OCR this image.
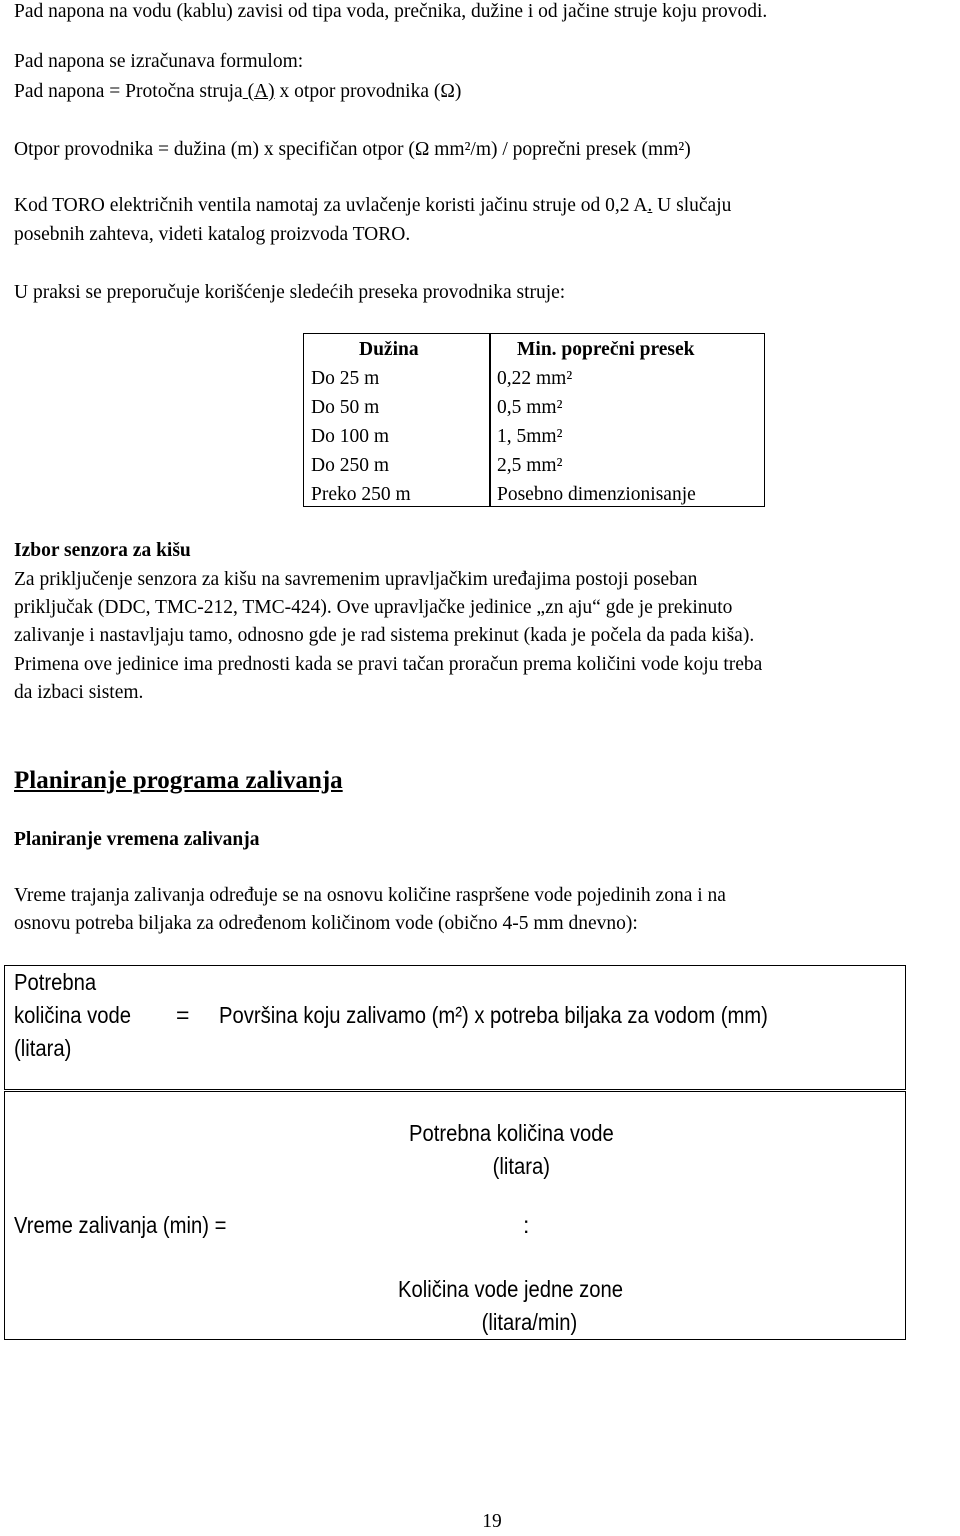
Pad napona na vodu (kablu) zavisi od tipa voda, prečnika, dužine i od jačine struje koju provodi.
Pad napona se izračunava formulom:
Pad napona = Protočna struja (A) x otpor provodnika (Ω)
Otpor provodnika = dužina (m) x specifičan otpor (Ω mm²/m) / poprečni presek (mm²)
Kod TORO električnih ventila namotaj za uvlačenje koristi jačinu struje od 0,2 A. U slučaju
posebnih zahteva, videti katalog proizvoda TORO.
U praksi se preporučuje korišćenje sledećih preseka provodnika struje:
Dužina	Min. poprečni presek
Do 25 m	0,22 mm²
Do 50 m	0,5 mm²
Do 100 m	1, 5mm²
Do 250 m	2,5 mm²
Preko 250 m	Posebno dimenzionisanje
Izbor senzora za kišu
Za priključenje senzora za kišu na savremenim upravljačkim uređajima postoji poseban
priključak (DDC, TMC-212, TMC-424). Ove upravljačke jedinice „zn aju“ gde je prekinuto
zalivanje i nastavljaju tamo, odnosno gde je rad sistema prekinut (kada je počela da pada kiša).
Primena ove jedinice ima prednosti kada se pravi tačan proračun prema količini vode koju treba
da izbaci sistem.
Planiranje programa zalivanja
Planiranje vremena zalivanja
Vreme trajanja zalivanja određuje se na osnovu količine raspršene vode pojedinih zona i na
osnovu potreba biljaka za određenom količinom vode (obično 4-5 mm dnevno):
Potrebna
količina vode
(litara)
= Površina koju zalivamo (m²) x potreba biljaka za vodom (mm)
Potrebna količina vode
(litara)
Vreme zalivanja (min) =	:
Količina vode jedne zone
(litara/min)
19
